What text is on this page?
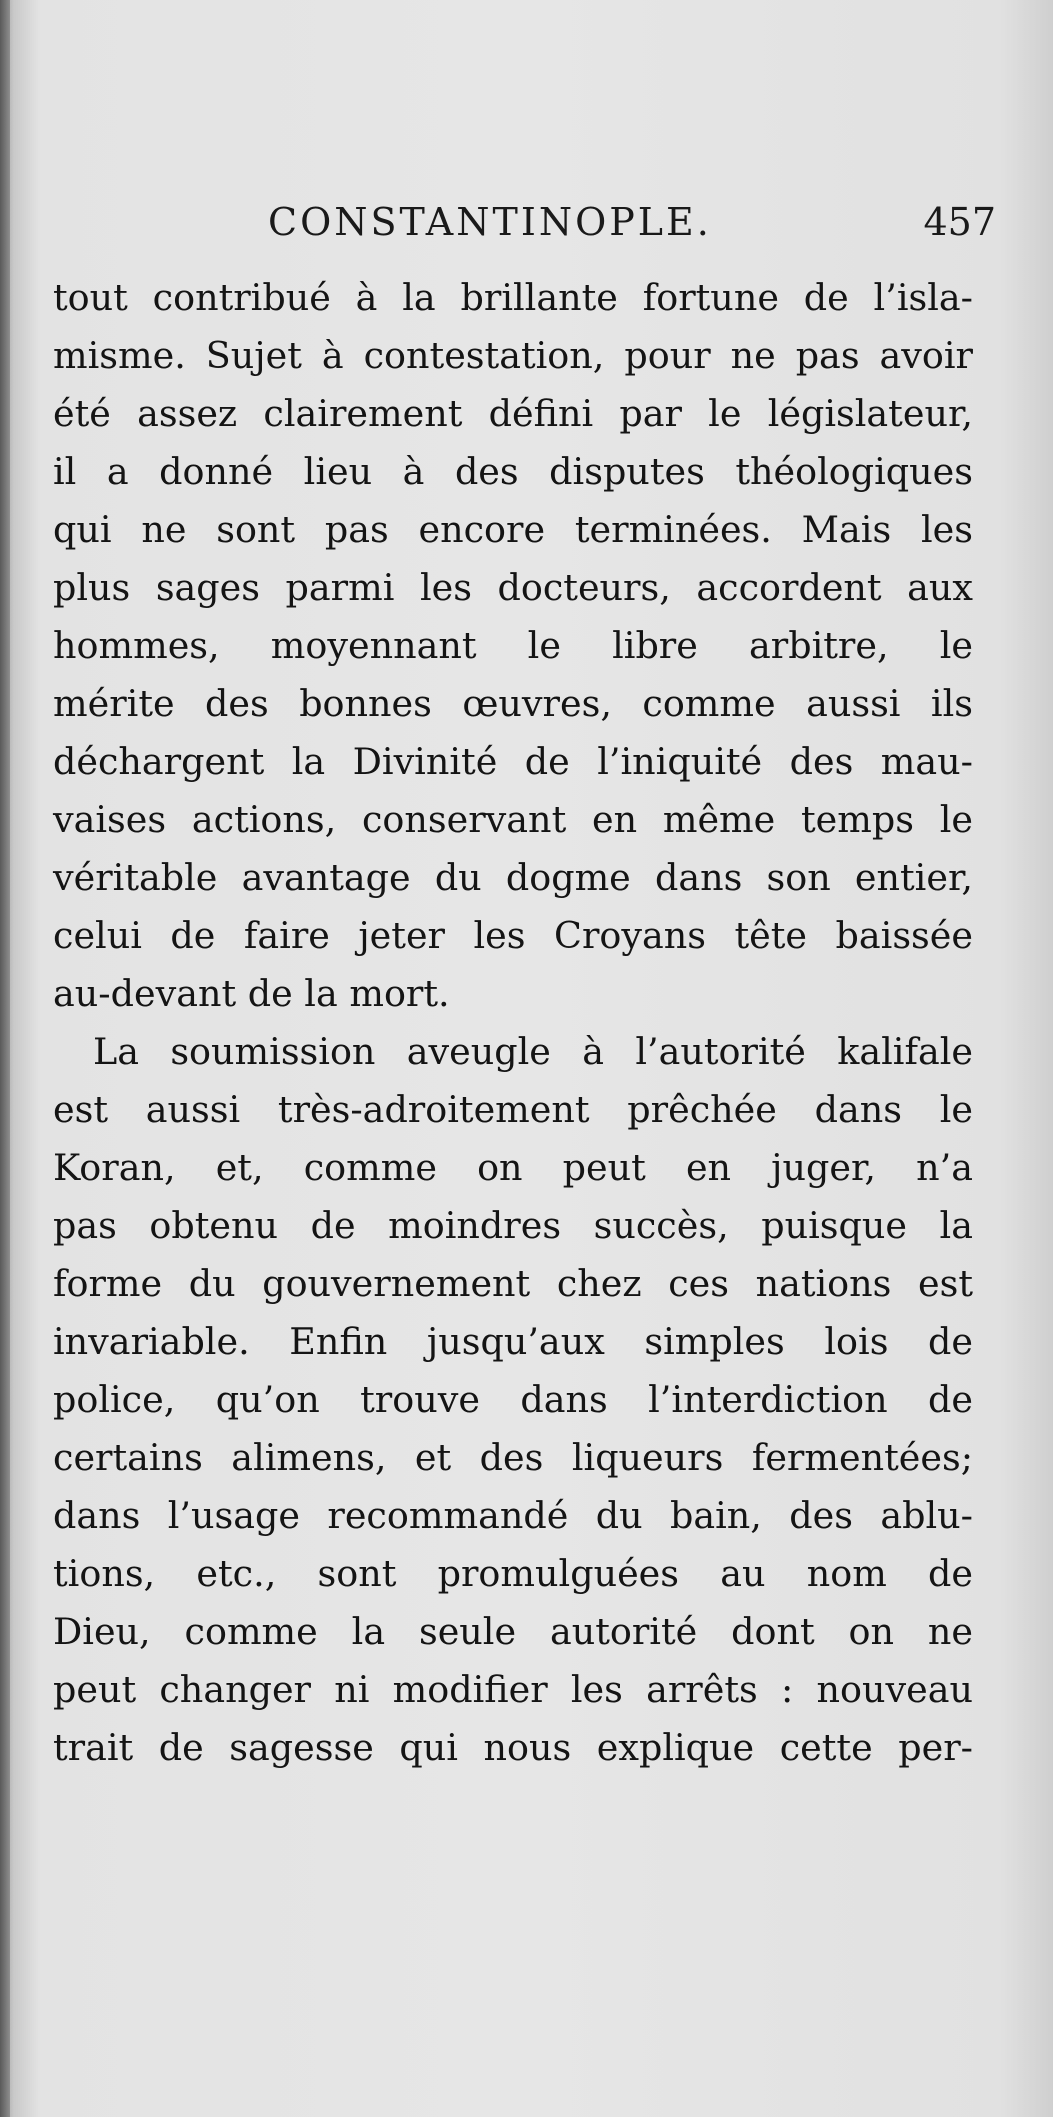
CONSTANTINOPLE.	457
tout contribué à la brillante fortune de l’isla-
misme. Sujet à contestation, pour ne pas avoir
été assez clairement défini par le législateur,
il a donné lieu à des disputes théologiques
qui ne sont pas encore terminées. Mais les
plus sages parmi les docteurs, accordent aux
hommes, moyennant le libre arbitre, le
mérite des bonnes œuvres, comme aussi ils
déchargent la Divinité de l’iniquité des mau-
vaises actions, conservant en même temps le
véritable avantage du dogme dans son entier,
celui de faire jeter les Croyans tête baissée
au-devant de la mort.
La soumission aveugle à l’autorité kalifale
est aussi très-adroitement prêchée dans le
Koran, et, comme on peut en juger, n’a
pas obtenu de moindres succès, puisque la
forme du gouvernement chez ces nations est
invariable. Enfin jusqu’aux simples lois de
police, qu’on trouve dans l’interdiction de
certains alimens, et des liqueurs fermentées;
dans l’usage recommandé du bain, des ablu-
tions, etc., sont promulguées au nom de
Dieu, comme la seule autorité dont on ne
peut changer ni modifier les arrêts : nouveau
trait de sagesse qui nous explique cette per-
